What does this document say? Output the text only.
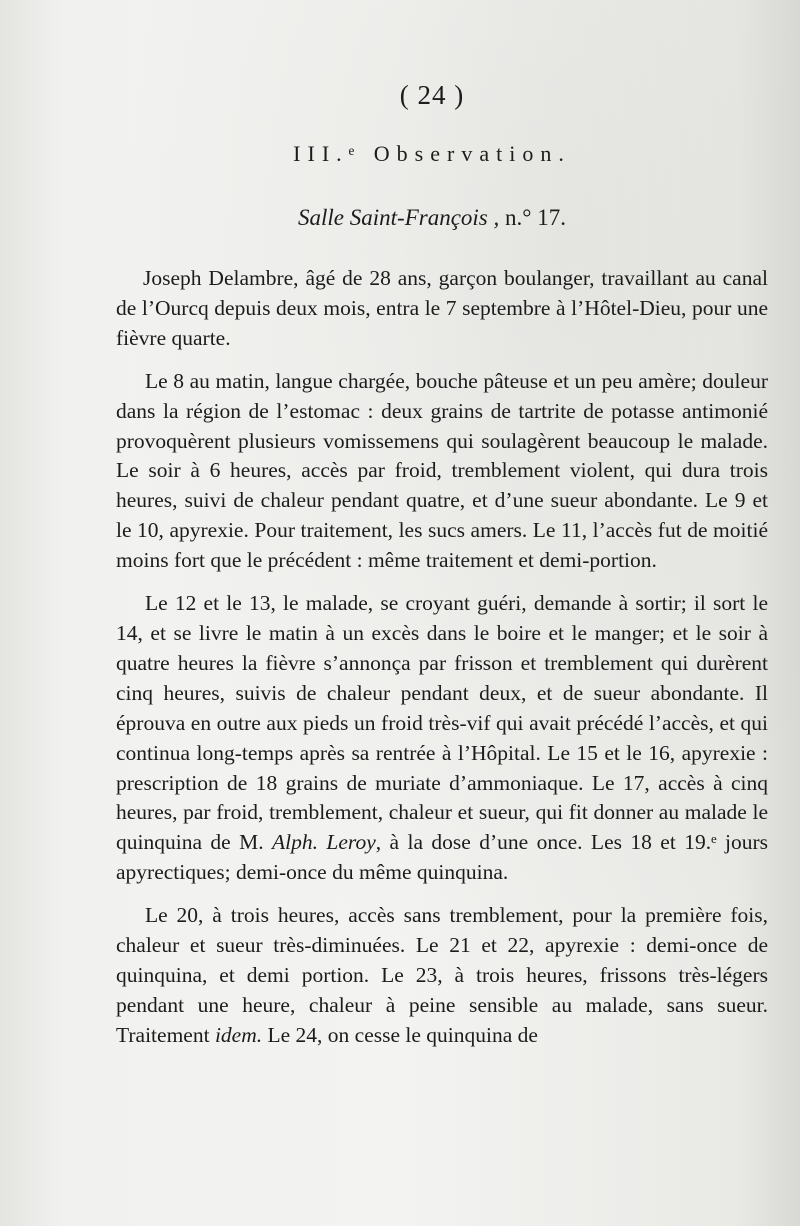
( 24 )
III.ᵉ Observation.
Salle Saint-François , n.° 17.

Joseph Delambre, âgé de 28 ans, garçon boulanger, travaillant au canal de l’Ourcq depuis deux mois, entra le 7 septembre à l’Hôtel-Dieu, pour une fièvre quarte.

Le 8 au matin, langue chargée, bouche pâteuse et un peu amère; douleur dans la région de l’estomac : deux grains de tartrite de potasse antimonié provoquèrent plusieurs vomissemens qui soulagèrent beaucoup le malade. Le soir à 6 heures, accès par froid, tremblement violent, qui dura trois heures, suivi de chaleur pendant quatre, et d’une sueur abondante. Le 9 et le 10, apyrexie. Pour traitement, les sucs amers. Le 11, l’accès fut de moitié moins fort que le précédent : même traitement et demi-portion.

Le 12 et le 13, le malade, se croyant guéri, demande à sortir; il sort le 14, et se livre le matin à un excès dans le boire et le manger; et le soir à quatre heures la fièvre s’annonça par frisson et tremblement qui durèrent cinq heures, suivis de chaleur pendant deux, et de sueur abondante. Il éprouva en outre aux pieds un froid très-vif qui avait précédé l’accès, et qui continua long-temps après sa rentrée à l’Hôpital. Le 15 et le 16, apyrexie : prescription de 18 grains de muriate d’ammoniaque. Le 17, accès à cinq heures, par froid, tremblement, chaleur et sueur, qui fit donner au malade le quinquina de M. Alph. Leroy, à la dose d’une once. Les 18 et 19.ᵉ jours apyrectiques; demi-once du même quinquina.

Le 20, à trois heures, accès sans tremblement, pour la première fois, chaleur et sueur très-diminuées. Le 21 et 22, apyrexie : demi-once de quinquina, et demi portion. Le 23, à trois heures, frissons très-légers pendant une heure, chaleur à peine sensible au malade, sans sueur. Traitement idem. Le 24, on cesse le quinquina de
